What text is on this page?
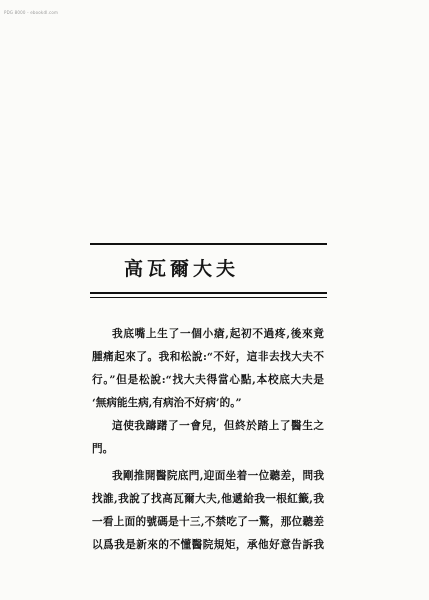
PDG 8000 - ebookdl.com
高瓦爾大夫
我底嘴上生了一個小瘡,起初不過疼,後來竟
腫痛起來了。我和松說:“不好，這非去找大夫不
行。”但是松說:“找大夫得當心點,本校底大夫是
‘無病能生病,有病治不好病’的。”
這使我躊躇了一會兒，但終於踏上了醫生之
門。
我剛推開醫院底門,迎面坐着一位聽差，問我
找誰,我說了找高瓦爾大夫,他遞給我一根紅籤,我
一看上面的號碼是十三,不禁吃了一驚，那位聽差
以爲我是新來的不懂醫院規矩，承他好意告訴我
